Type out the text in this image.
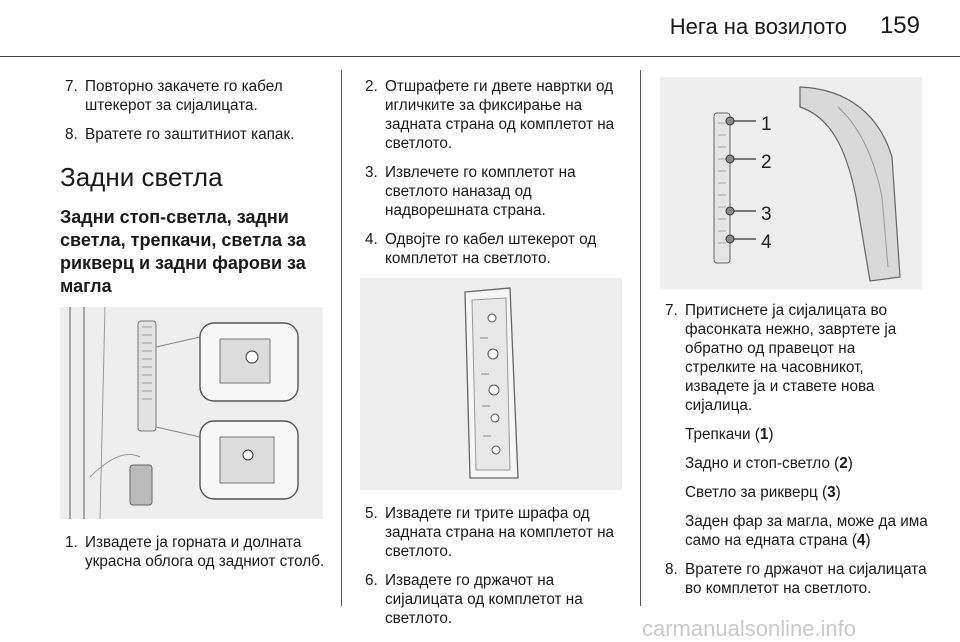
Нега на возилото 159
7. Повторно закачете го кабел штекерот за сијалицата.
8. Вратете го заштитниот капак.
Задни светла
Задни стоп-светла, задни светла, трепкачи, светла за рикверц и задни фарови за магла
1. Извадете ја горната и долната украсна облога од задниот столб.
2. Отшрафете ги двете навртки од игличките за фиксирање на задната страна од комплетот на светлото.
3. Извлечете го комплетот на светлото наназад од надворешната страна.
4. Одвојте го кабел штекерот од комплетот на светлото.
5. Извадете ги трите шрафа од задната страна на комплетот на светлото.
6. Извадете го држачот на сијалицата од комплетот на светлото.
1
2
3
4
7. Притиснете ја сијалицата во фасонката нежно, завртете ја обратно од правецот на стрелките на часовникот, извадете ја и ставете нова сијалица.
Трепкачи (1)
Задно и стоп-светло (2)
Светло за рикверц (3)
Заден фар за магла, може да има само на едната страна (4)
8. Вратете го држачот на сијалицата во комплетот на светлото.
carmanualsonline.info
